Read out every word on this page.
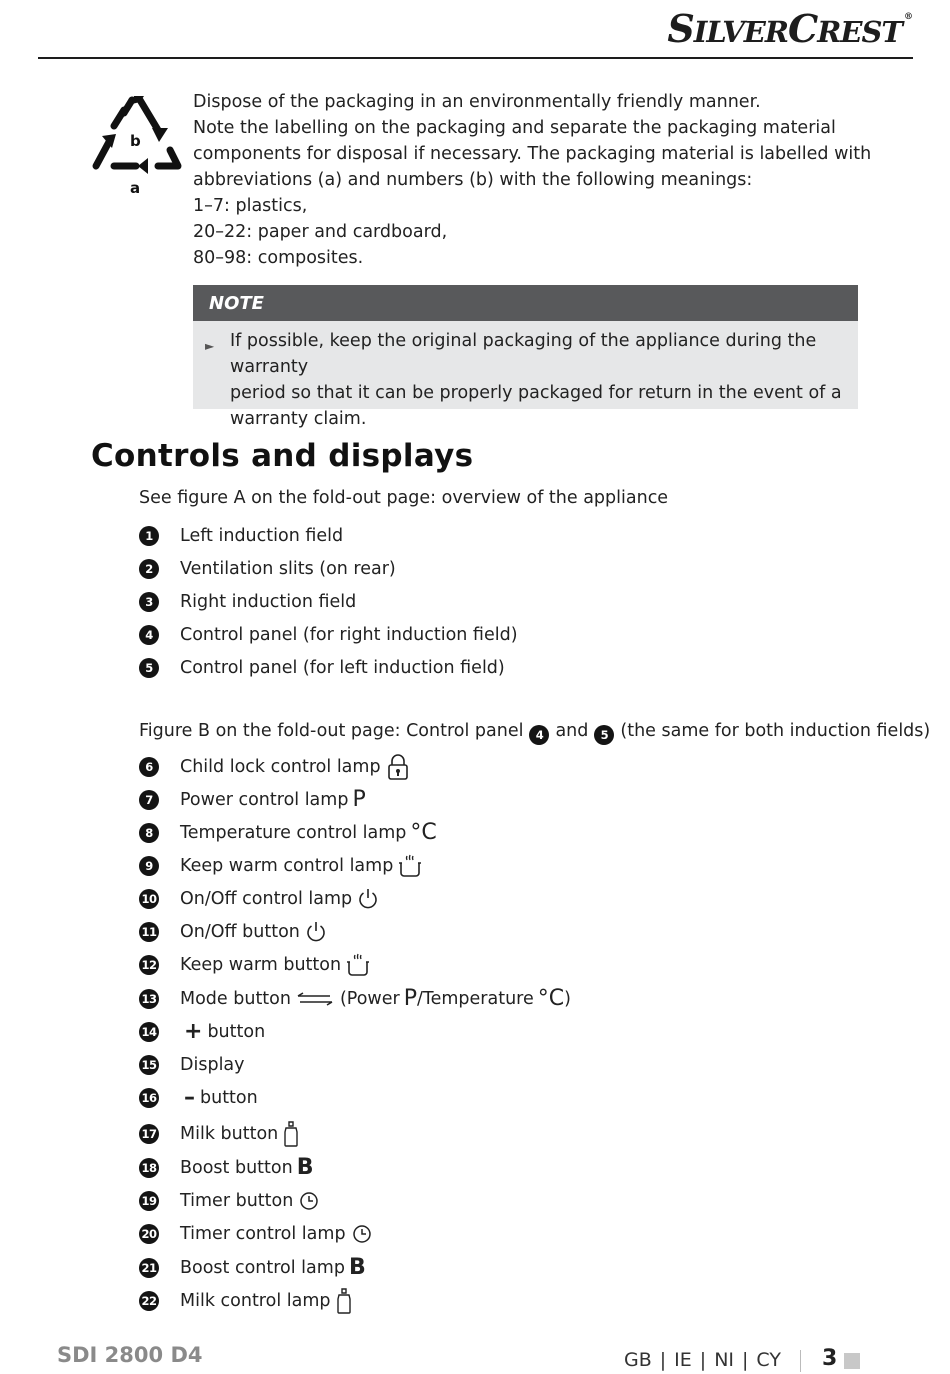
SILVERCREST ®
b
a

Dispose of the packaging in an environmentally friendly manner.

Note the labelling on the packaging and separate the packaging material

components for disposal if necessary. The packaging material is labelled with

abbreviations (a) and numbers (b) with the following meanings:

1–7: plastics,

20–22: paper and cardboard,

80–98: composites.

NOTE
► If possible, keep the original packaging of the appliance during the warranty
period so that it can be properly packaged for return in the event of a
warranty claim.
Controls and displays
See figure A on the fold-out page: overview of the appliance
1	Left induction field
2	Ventilation slits (on rear)
3	Right induction field
4	Control panel (for right induction field)
5	Control panel (for left induction field)
Figure B on the fold-out page: Control panel 4 and 5 (the same for both induction fields)
6	Child lock control lamp
7	Power control lamp P
8	Temperature control lamp °C
9	Keep warm control lamp
10 On/Off control lamp
11 On/Off button
12 Keep warm button
13 Mode button	(Power P /Temperature °C )
14 + button
15 Display
16 – button
17 Milk button
18 Boost button B
19 Timer button
20 Timer control lamp
21 Boost control lamp B
22 Milk control lamp
SDI 2800 D4	GB | IE | NI | CY 3
